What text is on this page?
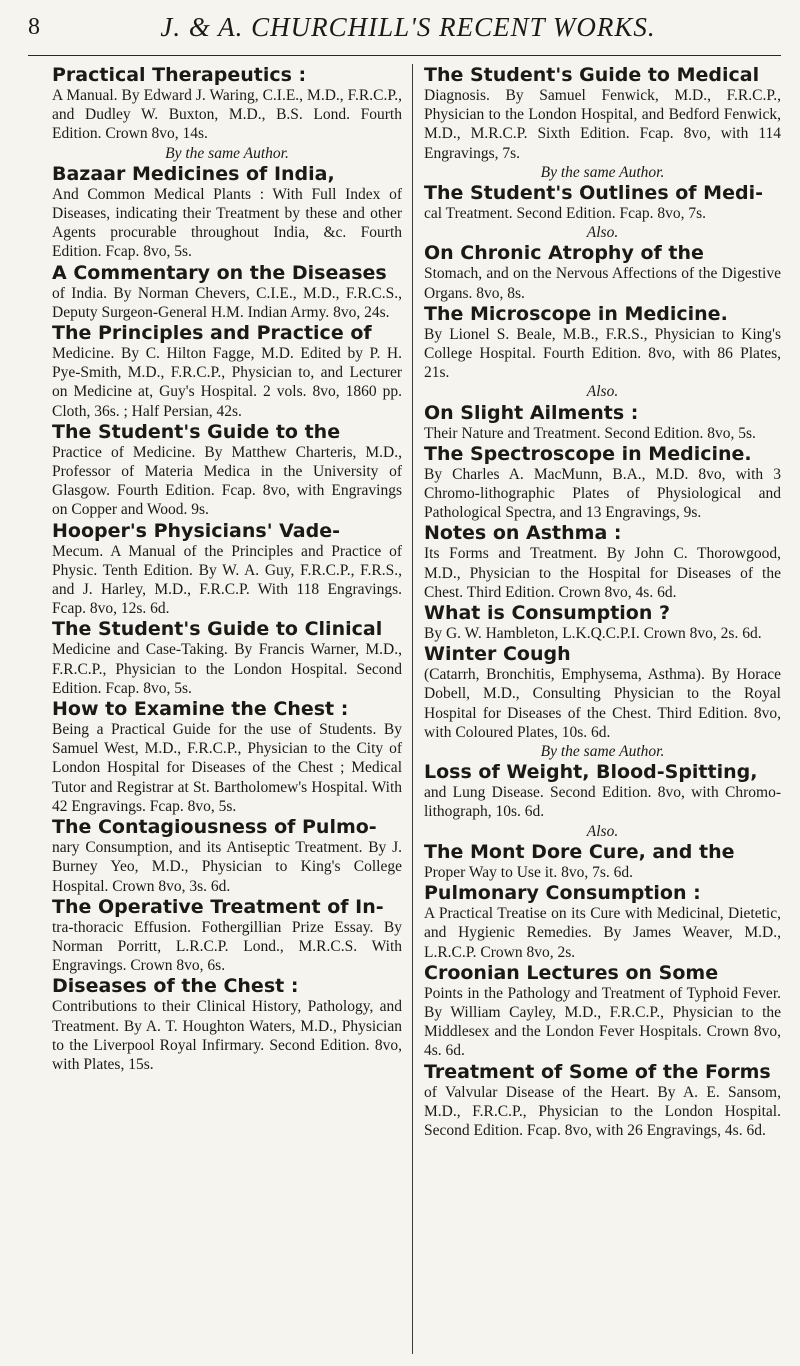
8	J. & A. CHURCHILL'S RECENT WORKS.
Practical Therapeutics :
A Manual. By Edward J. Waring, C.I.E., M.D., F.R.C.P., and Dudley W. Buxton, M.D., B.S. Lond. Fourth Edition. Crown 8vo, 14s.
By the same Author.
Bazaar Medicines of India,
And Common Medical Plants : With Full Index of Diseases, indicating their Treatment by these and other Agents procurable throughout India, &c. Fourth Edition. Fcap. 8vo, 5s.
A Commentary on the Diseases
of India. By Norman Chevers, C.I.E., M.D., F.R.C.S., Deputy Surgeon-General H.M. Indian Army. 8vo, 24s.
The Principles and Practice of
Medicine. By C. Hilton Fagge, M.D. Edited by P. H. Pye-Smith, M.D., F.R.C.P., Physician to, and Lecturer on Medicine at, Guy's Hospital. 2 vols. 8vo, 1860 pp. Cloth, 36s. ; Half Persian, 42s.
The Student's Guide to the
Practice of Medicine. By Matthew Charteris, M.D., Professor of Materia Medica in the University of Glasgow. Fourth Edition. Fcap. 8vo, with Engravings on Copper and Wood. 9s.
Hooper's Physicians' Vade-
Mecum. A Manual of the Principles and Practice of Physic. Tenth Edition. By W. A. Guy, F.R.C.P., F.R.S., and J. Harley, M.D., F.R.C.P. With 118 Engravings. Fcap. 8vo, 12s. 6d.
The Student's Guide to Clinical
Medicine and Case-Taking. By Francis Warner, M.D., F.R.C.P., Physician to the London Hospital. Second Edition. Fcap. 8vo, 5s.
How to Examine the Chest :
Being a Practical Guide for the use of Students. By Samuel West, M.D., F.R.C.P., Physician to the City of London Hospital for Diseases of the Chest ; Medical Tutor and Registrar at St. Bartholomew's Hospital. With 42 Engravings. Fcap. 8vo, 5s.
The Contagiousness of Pulmo-
nary Consumption, and its Antiseptic Treatment. By J. Burney Yeo, M.D., Physician to King's College Hospital. Crown 8vo, 3s. 6d.
The Operative Treatment of In-
tra-thoracic Effusion. Fothergillian Prize Essay. By Norman Porritt, L.R.C.P. Lond., M.R.C.S. With Engravings. Crown 8vo, 6s.
Diseases of the Chest :
Contributions to their Clinical History, Pathology, and Treatment. By A. T. Houghton Waters, M.D., Physician to the Liverpool Royal Infirmary. Second Edition. 8vo, with Plates, 15s.
The Student's Guide to Medical
Diagnosis. By Samuel Fenwick, M.D., F.R.C.P., Physician to the London Hospital, and Bedford Fenwick, M.D., M.R.C.P. Sixth Edition. Fcap. 8vo, with 114 Engravings, 7s.
By the same Author.
The Student's Outlines of Medi-
cal Treatment. Second Edition. Fcap. 8vo, 7s.
Also.
On Chronic Atrophy of the
Stomach, and on the Nervous Affections of the Digestive Organs. 8vo, 8s.
The Microscope in Medicine.
By Lionel S. Beale, M.B., F.R.S., Physician to King's College Hospital. Fourth Edition. 8vo, with 86 Plates, 21s.
Also.
On Slight Ailments :
Their Nature and Treatment. Second Edition. 8vo, 5s.
The Spectroscope in Medicine.
By Charles A. MacMunn, B.A., M.D. 8vo, with 3 Chromo-lithographic Plates of Physiological and Pathological Spectra, and 13 Engravings, 9s.
Notes on Asthma :
Its Forms and Treatment. By John C. Thorowgood, M.D., Physician to the Hospital for Diseases of the Chest. Third Edition. Crown 8vo, 4s. 6d.
What is Consumption ?
By G. W. Hambleton, L.K.Q.C.P.I. Crown 8vo, 2s. 6d.
Winter Cough
(Catarrh, Bronchitis, Emphysema, Asthma). By Horace Dobell, M.D., Consulting Physician to the Royal Hospital for Diseases of the Chest. Third Edition. 8vo, with Coloured Plates, 10s. 6d.
By the same Author.
Loss of Weight, Blood-Spitting,
and Lung Disease. Second Edition. 8vo, with Chromo-lithograph, 10s. 6d.
Also.
The Mont Dore Cure, and the
Proper Way to Use it. 8vo, 7s. 6d.
Pulmonary Consumption :
A Practical Treatise on its Cure with Medicinal, Dietetic, and Hygienic Remedies. By James Weaver, M.D., L.R.C.P. Crown 8vo, 2s.
Croonian Lectures on Some
Points in the Pathology and Treatment of Typhoid Fever. By William Cayley, M.D., F.R.C.P., Physician to the Middlesex and the London Fever Hospitals. Crown 8vo, 4s. 6d.
Treatment of Some of the Forms
of Valvular Disease of the Heart. By A. E. Sansom, M.D., F.R.C.P., Physician to the London Hospital. Second Edition. Fcap. 8vo, with 26 Engravings, 4s. 6d.
